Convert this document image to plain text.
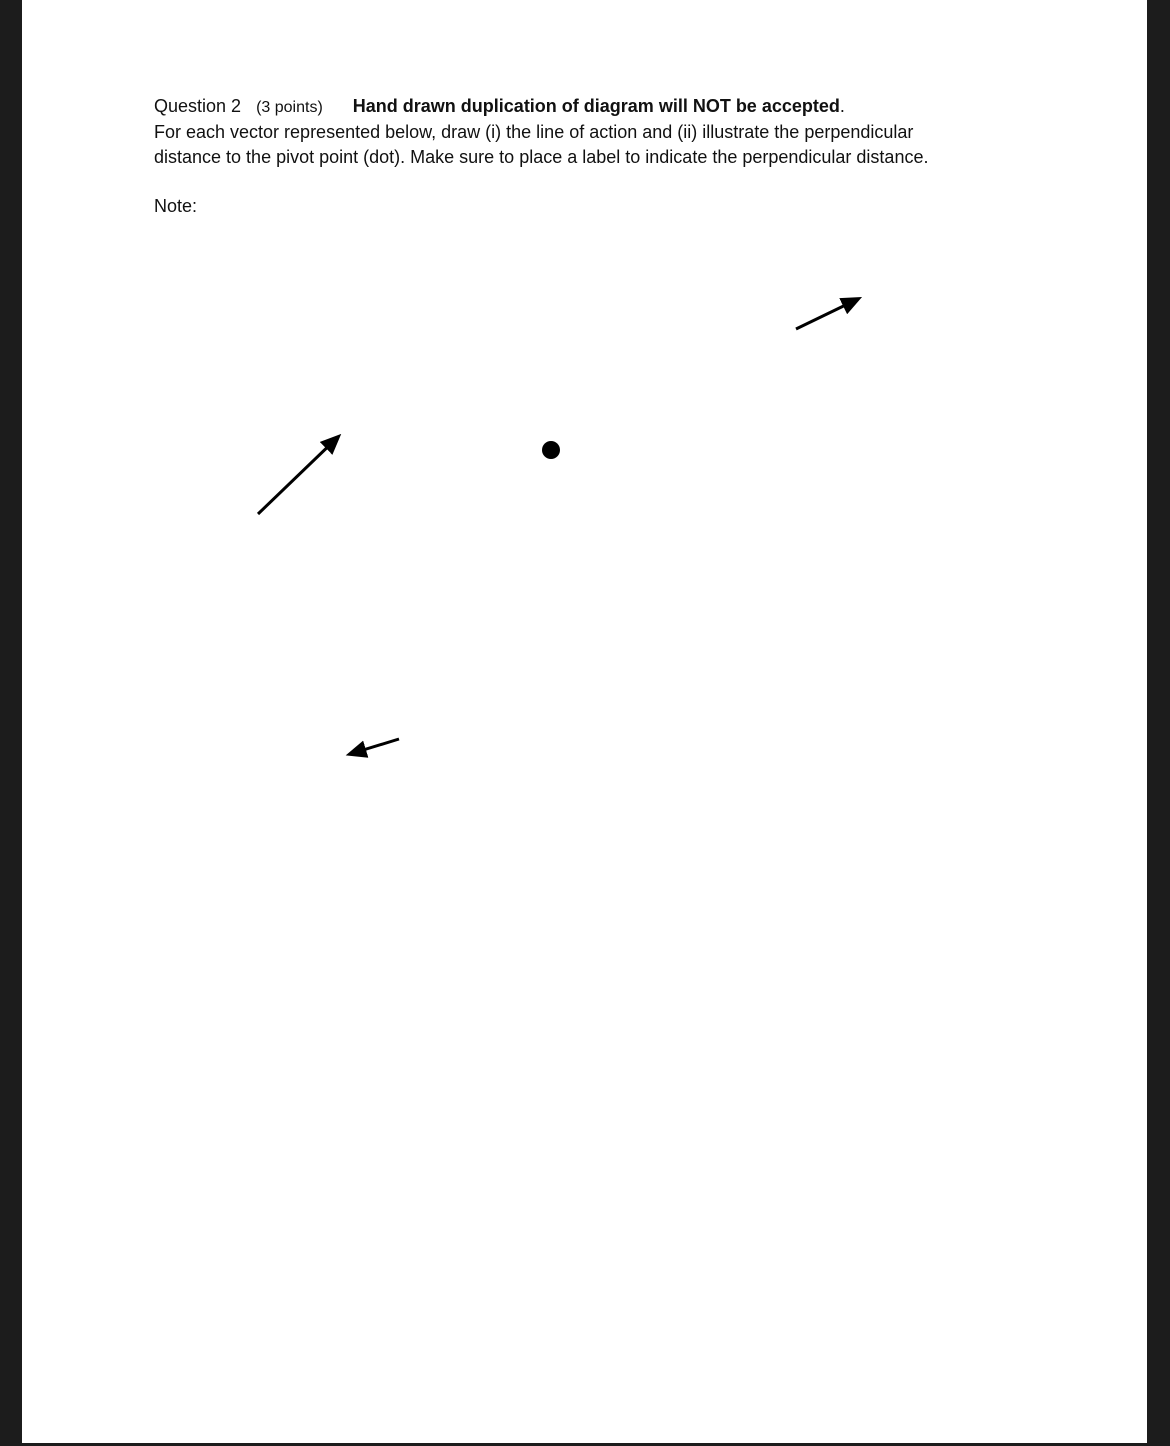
Question 2 (3 points) Hand drawn duplication of diagram will NOT be accepted.
For each vector represented below, draw (i) the line of action and (ii) illustrate the perpendicular
distance to the pivot point (dot). Make sure to place a label to indicate the perpendicular distance.
Note:
